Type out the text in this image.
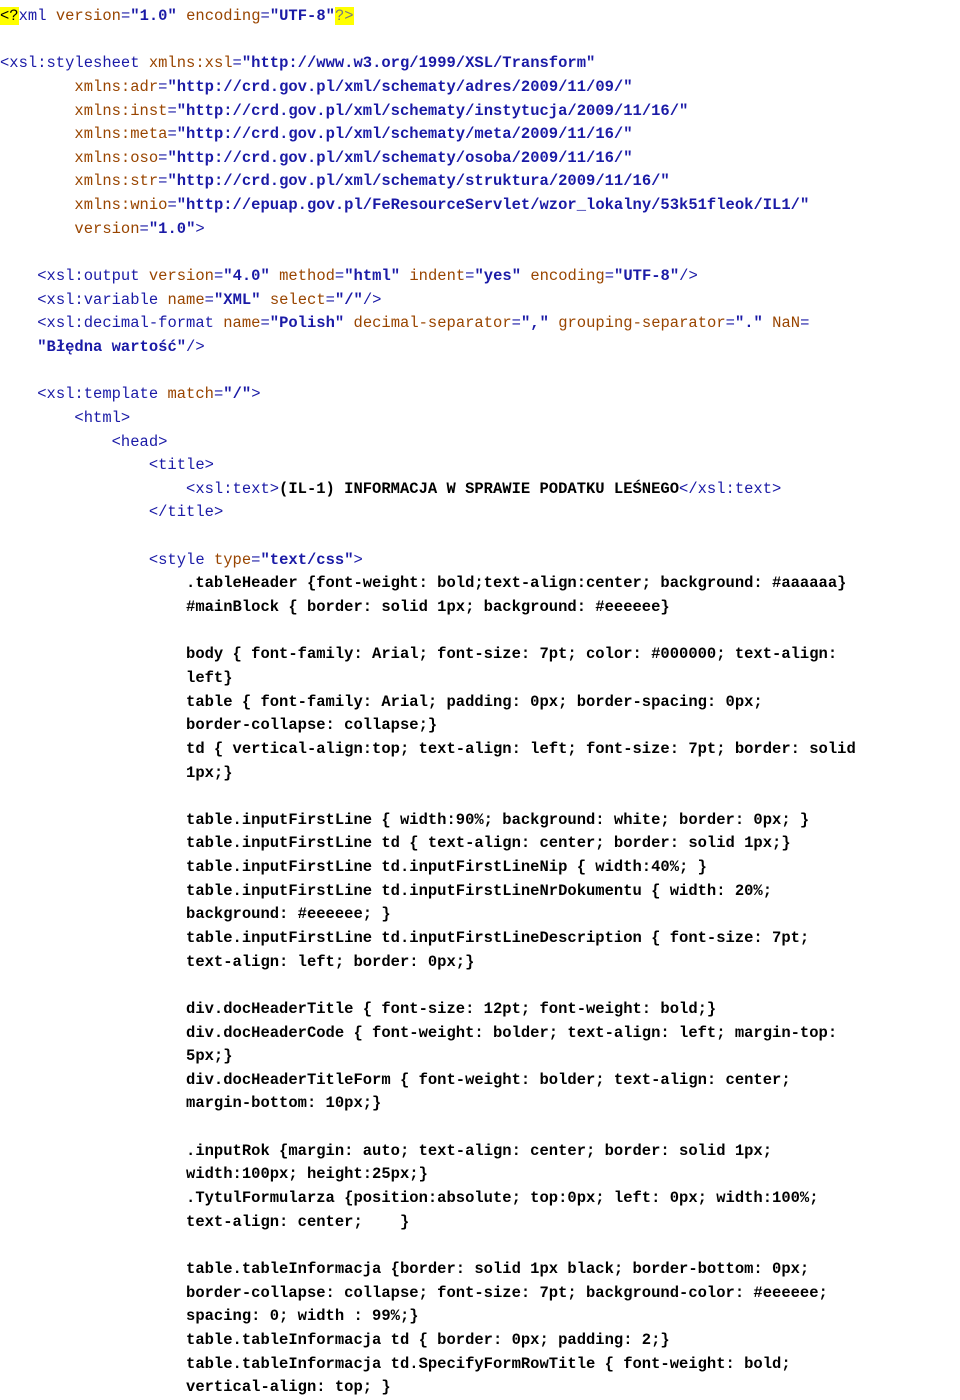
<?xml version="1.0" encoding="UTF-8"?>
<xsl:stylesheet xmlns:xsl="http://www.w3.org/1999/XSL/Transform"
xmlns:adr="http://crd.gov.pl/xml/schematy/adres/2009/11/09/"
xmlns:inst="http://crd.gov.pl/xml/schematy/instytucja/2009/11/16/"
xmlns:meta="http://crd.gov.pl/xml/schematy/meta/2009/11/16/"
xmlns:oso="http://crd.gov.pl/xml/schematy/osoba/2009/11/16/"
xmlns:str="http://crd.gov.pl/xml/schematy/struktura/2009/11/16/"
xmlns:wnio="http://epuap.gov.pl/FeResourceServlet/wzor_lokalny/53k51fleok/IL1/"
version="1.0">
<xsl:output version="4.0" method="html" indent="yes" encoding="UTF-8"/>
<xsl:variable name="XML" select="/"/>
<xsl:decimal-format name="Polish" decimal-separator="," grouping-separator="." NaN=
"Błędna wartość"/>
<xsl:template match="/">
<html>
<head>
<title>
<xsl:text>(IL-1) INFORMACJA W SPRAWIE PODATKU LEŚNEGO</xsl:text>
</title>
<style type="text/css">
.tableHeader {font-weight: bold;text-align:center; background: #aaaaaa}
#mainBlock { border: solid 1px; background: #eeeeee}
body { font-family: Arial; font-size: 7pt; color: #000000; text-align:
left}
table { font-family: Arial; padding: 0px; border-spacing: 0px;
border-collapse: collapse;}
td { vertical-align:top; text-align: left; font-size: 7pt; border: solid
1px;}
table.inputFirstLine { width:90%; background: white; border: 0px; }
table.inputFirstLine td { text-align: center; border: solid 1px;}
table.inputFirstLine td.inputFirstLineNip { width:40%; }
table.inputFirstLine td.inputFirstLineNrDokumentu { width: 20%;
background: #eeeeee; }
table.inputFirstLine td.inputFirstLineDescription { font-size: 7pt;
text-align: left; border: 0px;}
div.docHeaderTitle { font-size: 12pt; font-weight: bold;}
div.docHeaderCode { font-weight: bolder; text-align: left; margin-top:
5px;}
div.docHeaderTitleForm { font-weight: bolder; text-align: center;
margin-bottom: 10px;}
.inputRok {margin: auto; text-align: center; border: solid 1px;
width:100px; height:25px;}
.TytulFormularza {position:absolute; top:0px; left: 0px; width:100%;
text-align: center;    }
table.tableInformacja {border: solid 1px black; border-bottom: 0px;
border-collapse: collapse; font-size: 7pt; background-color: #eeeeee;
spacing: 0; width : 99%;}
table.tableInformacja td { border: 0px; padding: 2;}
table.tableInformacja td.SpecifyFormRowTitle { font-weight: bold;
vertical-align: top; }
